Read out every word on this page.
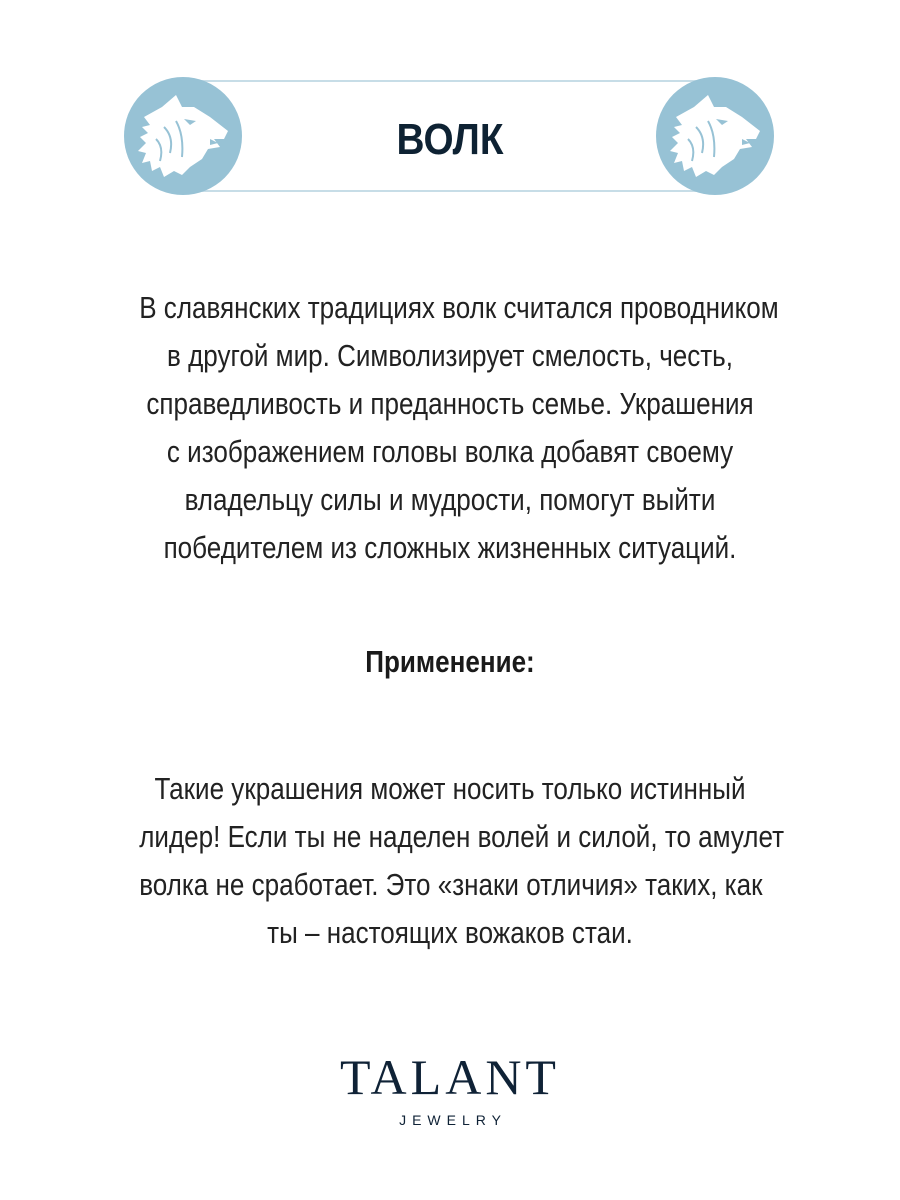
ВОЛК
В славянских традициях волк считался проводником
в другой мир. Символизирует смелость, честь,
справедливость и преданность семье. Украшения
с изображением головы волка добавят своему
владельцу силы и мудрости, помогут выйти
победителем из сложных жизненных ситуаций.
Применение:
Такие украшения может носить только истинный
лидер! Если ты не наделен волей и силой, то амулет
волка не сработает. Это «знаки отличия» таких, как
ты – настоящих вожаков стаи.
TALANT
JEWELRY
